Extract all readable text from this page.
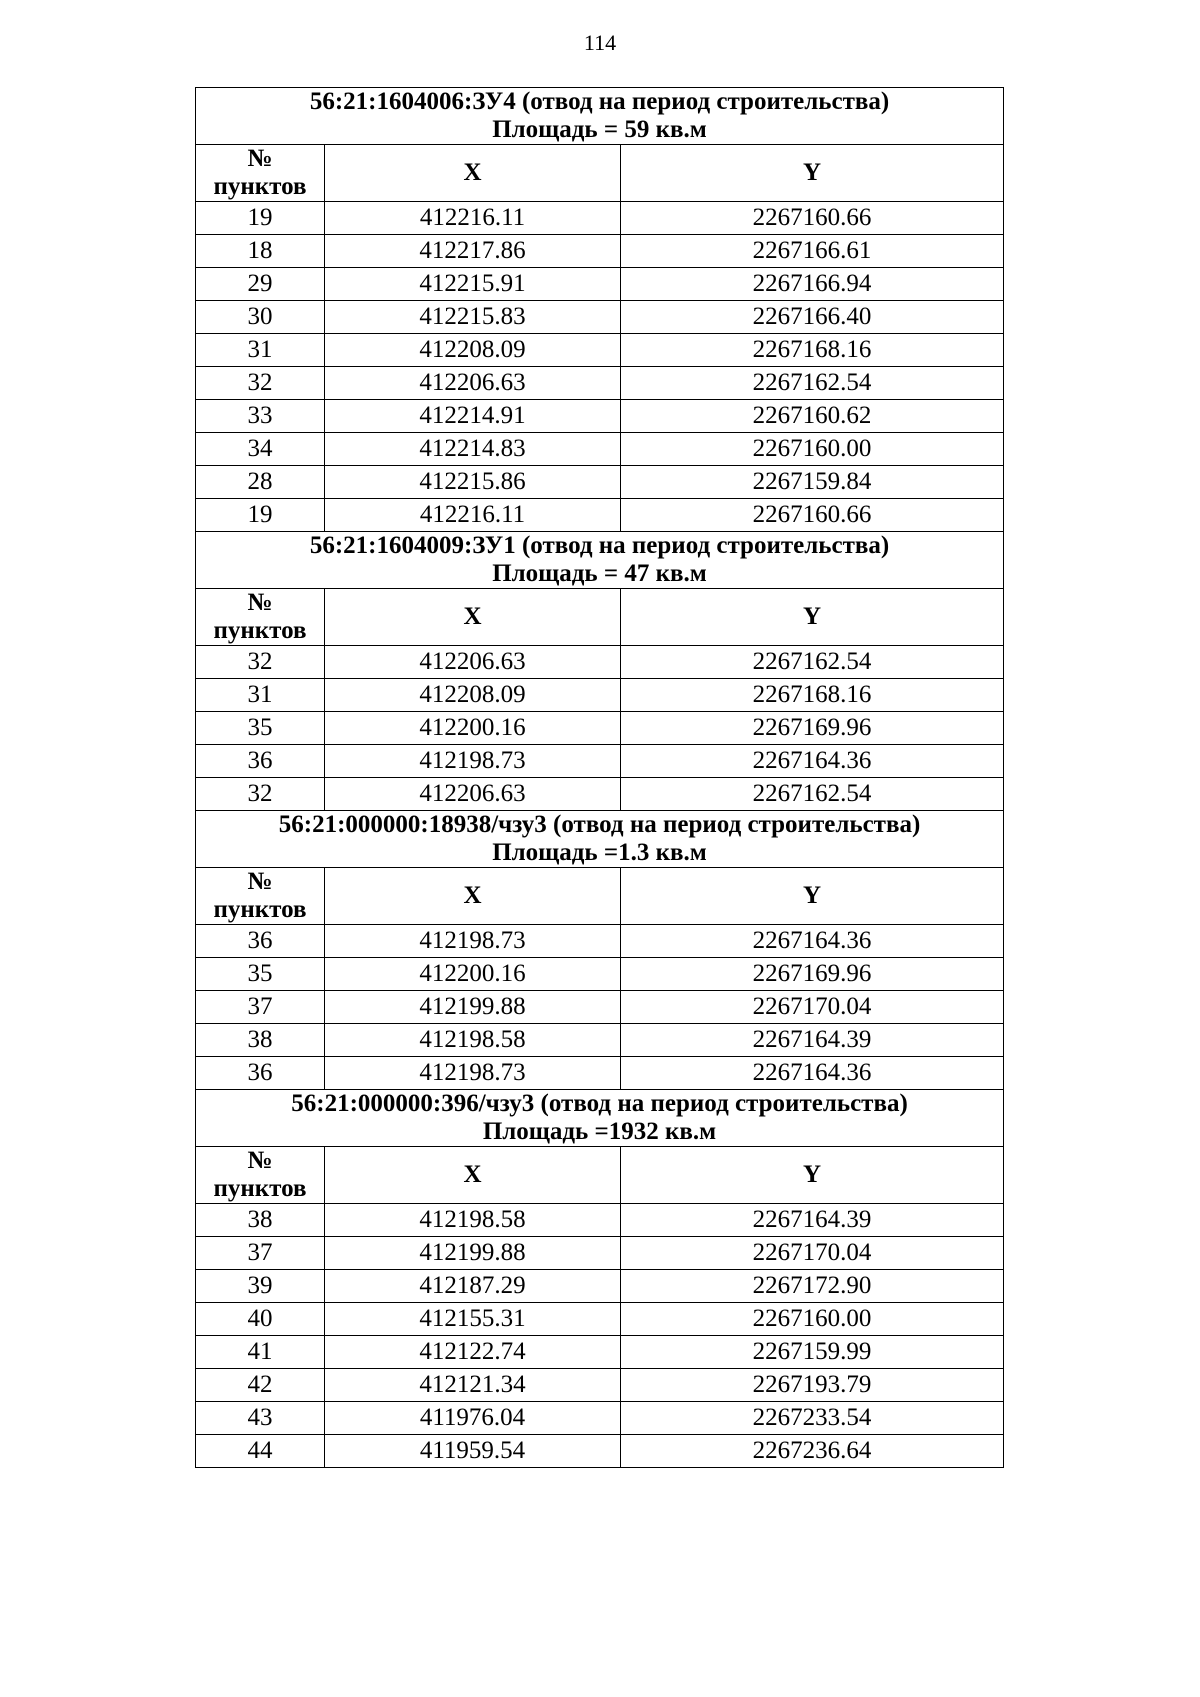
114
56:21:1604006:ЗУ4 (отвод на период строительства)
Площадь = 59 кв.м		

№
пунктов	X	Y
19	412216.11	2267160.66
18	412217.86	2267166.61
29	412215.91	2267166.94
30	412215.83	2267166.40
31	412208.09	2267168.16
32	412206.63	2267162.54
33	412214.91	2267160.62
34	412214.83	2267160.00
28	412215.86	2267159.84
19	412216.11	2267160.66

56:21:1604009:ЗУ1 (отвод на период строительства)
Площадь = 47 кв.м		

№
пунктов	X	Y
32	412206.63	2267162.54
31	412208.09	2267168.16
35	412200.16	2267169.96
36	412198.73	2267164.36
32	412206.63	2267162.54

56:21:000000:18938/чзу3 (отвод на период строительства)
Площадь =1.3 кв.м		

№
пунктов	X	Y
36	412198.73	2267164.36
35	412200.16	2267169.96
37	412199.88	2267170.04
38	412198.58	2267164.39
36	412198.73	2267164.36

56:21:000000:396/чзу3 (отвод на период строительства)
Площадь =1932 кв.м		

№
пунктов	X	Y
38	412198.58	2267164.39
37	412199.88	2267170.04
39	412187.29	2267172.90
40	412155.31	2267160.00
41	412122.74	2267159.99
42	412121.34	2267193.79
43	411976.04	2267233.54
44	411959.54	2267236.64
